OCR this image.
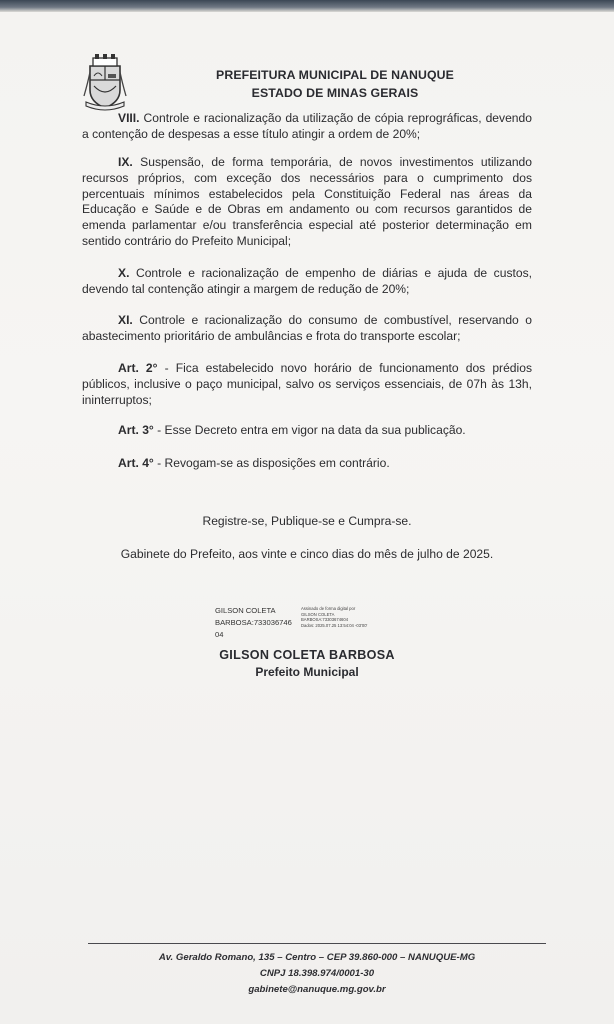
PREFEITURA MUNICIPAL DE NANUQUE
ESTADO DE MINAS GERAIS
VIII. Controle e racionalização da utilização de cópia reprográficas, devendo a contenção de despesas a esse título atingir a ordem de 20%;
IX. Suspensão, de forma temporária, de novos investimentos utilizando recursos próprios, com exceção dos necessários para o cumprimento dos percentuais mínimos estabelecidos pela Constituição Federal nas áreas da Educação e Saúde e de Obras em andamento ou com recursos garantidos de emenda parlamentar e/ou transferência especial até posterior determinação em sentido contrário do Prefeito Municipal;
X. Controle e racionalização de empenho de diárias e ajuda de custos, devendo tal contenção atingir a margem de redução de 20%;
XI. Controle e racionalização do consumo de combustível, reservando o abastecimento prioritário de ambulâncias e frota do transporte escolar;
Art. 2° - Fica estabelecido novo horário de funcionamento dos prédios públicos, inclusive o paço municipal, salvo os serviços essenciais, de 07h às 13h, ininterruptos;
Art. 3° - Esse Decreto entra em vigor na data da sua publicação.
Art. 4° - Revogam-se as disposições em contrário.
Registre-se, Publique-se e Cumpra-se.
Gabinete do Prefeito, aos vinte e cinco dias do mês de julho de 2025.
GILSON COLETA
BARBOSA:733036746
04
Assinado de forma digital por
GILSON COLETA
BARBOSA:73303674604
Dados: 2025.07.25 13:54:04 -03'00'
GILSON COLETA BARBOSA
Prefeito Municipal
Av. Geraldo Romano, 135 – Centro – CEP 39.860-000 – NANUQUE-MG
CNPJ 18.398.974/0001-30
gabinete@nanuque.mg.gov.br
